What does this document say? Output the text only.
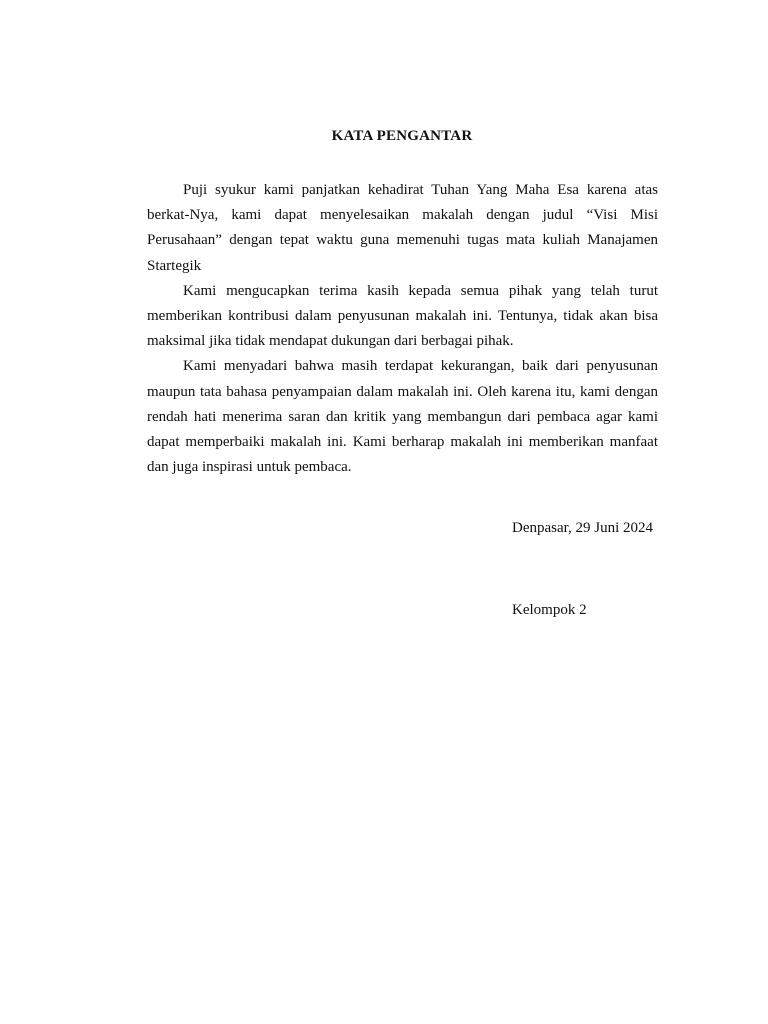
KATA PENGANTAR

Puji syukur kami panjatkan kehadirat Tuhan Yang Maha Esa karena atas berkat-Nya, kami dapat menyelesaikan makalah dengan judul “Visi Misi Perusahaan” dengan tepat waktu guna memenuhi tugas mata kuliah Manajamen Startegik

Kami mengucapkan terima kasih kepada semua pihak yang telah turut memberikan kontribusi dalam penyusunan makalah ini. Tentunya, tidak akan bisa maksimal jika tidak mendapat dukungan dari berbagai pihak.

Kami menyadari bahwa masih terdapat kekurangan, baik dari penyusunan maupun tata bahasa penyampaian dalam makalah ini. Oleh karena itu, kami dengan rendah hati menerima saran dan kritik yang membangun dari pembaca agar kami dapat memperbaiki makalah ini. Kami berharap makalah ini memberikan manfaat dan juga inspirasi untuk pembaca.

Denpasar, 29 Juni 2024
Kelompok 2
